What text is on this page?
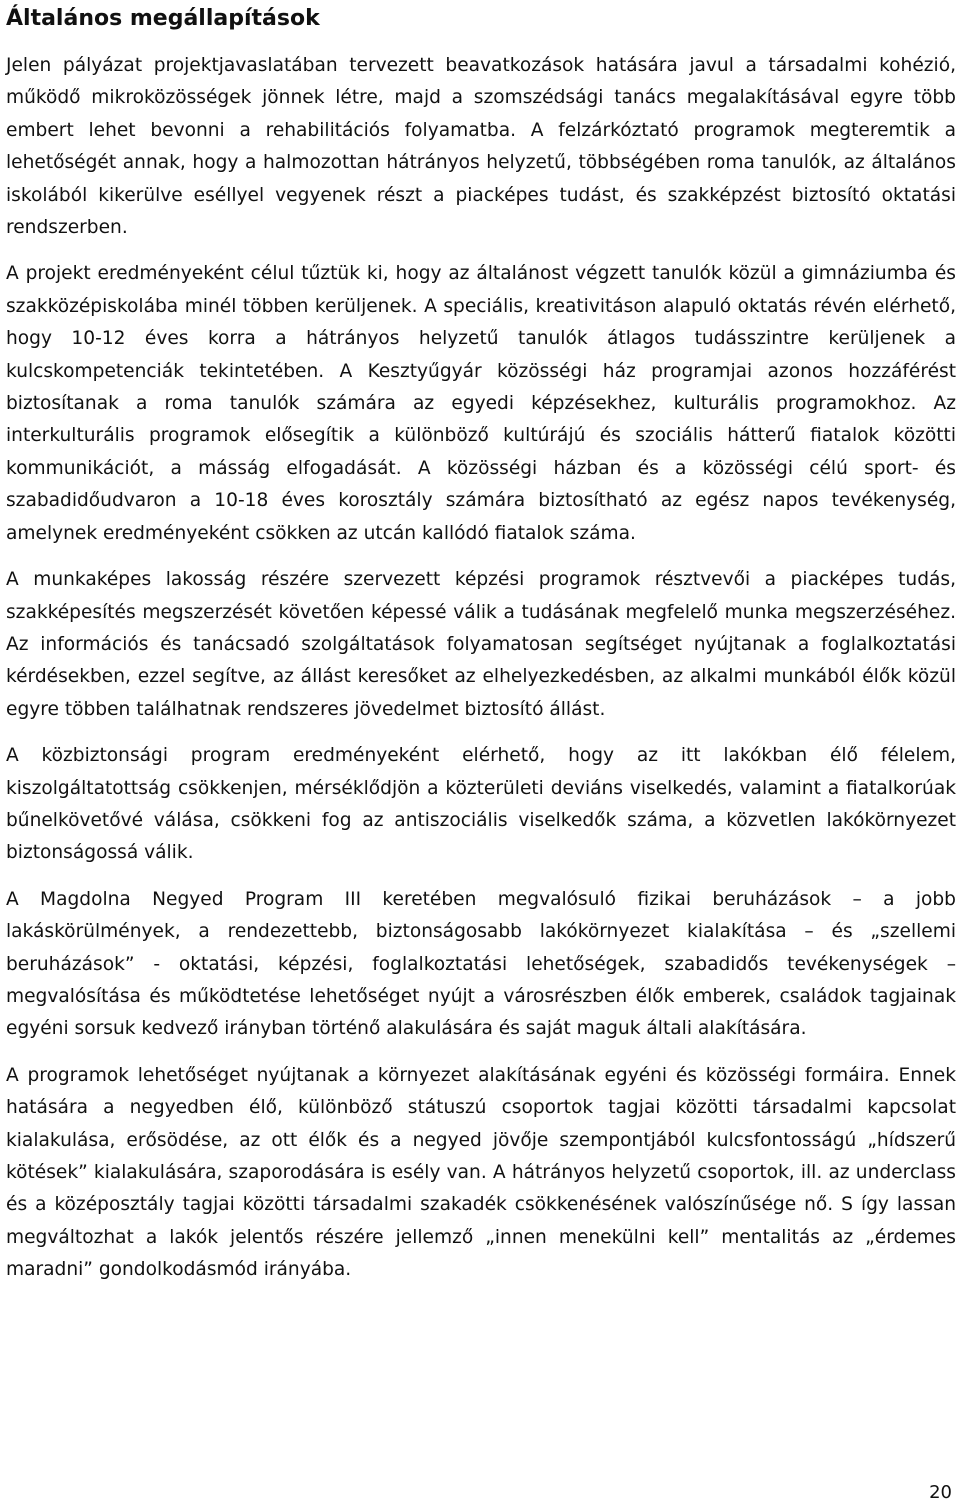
Általános megállapítások

Jelen pályázat projektjavaslatában tervezett beavatkozások hatására javul a társadalmi kohézió, működő mikroközösségek jönnek létre, majd a szomszédsági tanács megalakításával egyre több embert lehet bevonni a rehabilitációs folyamatba. A felzárkóztató programok megteremtik a lehetőségét annak, hogy a halmozottan hátrányos helyzetű, többségében roma tanulók, az általános iskolából kikerülve eséllyel vegyenek részt a piacképes tudást, és szakképzést biztosító oktatási rendszerben.

A projekt eredményeként célul tűztük ki, hogy az általánost végzett tanulók közül a gimnáziumba és szakközépiskolába minél többen kerüljenek. A speciális, kreativitáson alapuló oktatás révén elérhető, hogy 10-12 éves korra a hátrányos helyzetű tanulók átlagos tudásszintre kerüljenek a kulcskompetenciák tekintetében. A Kesztyűgyár közösségi ház programjai azonos hozzáférést biztosítanak a roma tanulók számára az egyedi képzésekhez, kulturális programokhoz. Az interkulturális programok elősegítik a különböző kultúrájú és szociális hátterű fiatalok közötti kommunikációt, a másság elfogadását. A közösségi házban és a közösségi célú sport- és szabadidőudvaron a 10-18 éves korosztály számára biztosítható az egész napos tevékenység, amelynek eredményeként csökken az utcán kallódó fiatalok száma.

A munkaképes lakosság részére szervezett képzési programok résztvevői a piacképes tudás, szakképesítés megszerzését követően képessé válik a tudásának megfelelő munka megszerzéséhez. Az információs és tanácsadó szolgáltatások folyamatosan segítséget nyújtanak a foglalkoztatási kérdésekben, ezzel segítve, az állást keresőket az elhelyezkedésben, az alkalmi munkából élők közül egyre többen találhatnak rendszeres jövedelmet biztosító állást.

A közbiztonsági program eredményeként elérhető, hogy az itt lakókban élő félelem, kiszolgáltatottság csökkenjen, mérséklődjön a közterületi deviáns viselkedés, valamint a fiatalkorúak bűnelkövetővé válása, csökkeni fog az antiszociális viselkedők száma, a közvetlen lakókörnyezet biztonságossá válik.

A Magdolna Negyed Program III keretében megvalósuló fizikai beruházások – a jobb lakáskörülmények, a rendezettebb, biztonságosabb lakókörnyezet kialakítása – és „szellemi beruházások” - oktatási, képzési, foglalkoztatási lehetőségek, szabadidős tevékenységek – megvalósítása és működtetése lehetőséget nyújt a városrészben élők emberek, családok tagjainak egyéni sorsuk kedvező irányban történő alakulására és saját maguk általi alakítására.

A programok lehetőséget nyújtanak a környezet alakításának egyéni és közösségi formáira. Ennek hatására a negyedben élő, különböző státuszú csoportok tagjai közötti társadalmi kapcsolat kialakulása, erősödése, az ott élők és a negyed jövője szempontjából kulcsfontosságú „hídszerű kötések” kialakulására, szaporodására is esély van. A hátrányos helyzetű csoportok, ill. az underclass és a középosztály tagjai közötti társadalmi szakadék csökkenésének valószínűsége nő. S így lassan megváltozhat a lakók jelentős részére jellemző „innen menekülni kell” mentalitás az „érdemes maradni” gondolkodásmód irányába.

20
